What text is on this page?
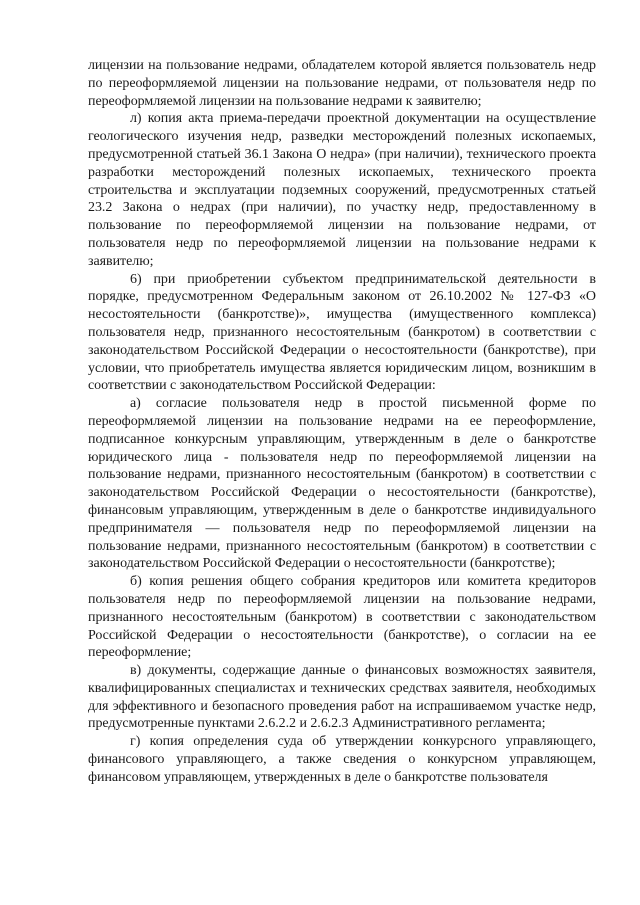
лицензии на пользование недрами, обладателем которой является пользователь недр по переоформляемой лицензии на пользование недрами, от пользователя недр по переоформляемой лицензии на пользование недрами к заявителю;

л) копия акта приема-передачи проектной документации на осуществление геологического изучения недр, разведки месторождений полезных ископаемых, предусмотренной статьей 36.1 Закона О недра» (при наличии), технического проекта разработки месторождений полезных ископаемых, технического проекта строительства и эксплуатации подземных сооружений, предусмотренных статьей 23.2 Закона о недрах (при наличии), по участку недр, предоставленному в пользование по переоформляемой лицензии на пользование недрами, от пользователя недр по переоформляемой лицензии на пользование недрами к заявителю;

6) при приобретении субъектом предпринимательской деятельности в порядке, предусмотренном Федеральным законом от 26.10.2002 № 127-ФЗ «О несостоятельности (банкротстве)», имущества (имущественного комплекса) пользователя недр, признанного несостоятельным (банкротом) в соответствии с законодательством Российской Федерации о несостоятельности (банкротстве), при условии, что приобретатель имущества является юридическим лицом, возникшим в соответствии с законодательством Российской Федерации:

а) согласие пользователя недр в простой письменной форме по переоформляемой лицензии на пользование недрами на ее переоформление, подписанное конкурсным управляющим, утвержденным в деле о банкротстве юридического лица - пользователя недр по переоформляемой лицензии на пользование недрами, признанного несостоятельным (банкротом) в соответствии с законодательством Российской Федерации о несостоятельности (банкротстве), финансовым управляющим, утвержденным в деле о банкротстве индивидуального предпринимателя — пользователя недр по переоформляемой лицензии на пользование недрами, признанного несостоятельным (банкротом) в соответствии с законодательством Российской Федерации о несостоятельности (банкротстве);

б) копия решения общего собрания кредиторов или комитета кредиторов пользователя недр по переоформляемой лицензии на пользование недрами, признанного несостоятельным (банкротом) в соответствии с законодательством Российской Федерации о несостоятельности (банкротстве), о согласии на ее переоформление;

в) документы, содержащие данные о финансовых возможностях заявителя, квалифицированных специалистах и технических средствах заявителя, необходимых для эффективного и безопасного проведения работ на испрашиваемом участке недр, предусмотренные пунктами 2.6.2.2 и 2.6.2.3 Административного регламента;

г) копия определения суда об утверждении конкурсного управляющего, финансового управляющего, а также сведения о конкурсном управляющем, финансовом управляющем, утвержденных в деле о банкротстве пользователя
